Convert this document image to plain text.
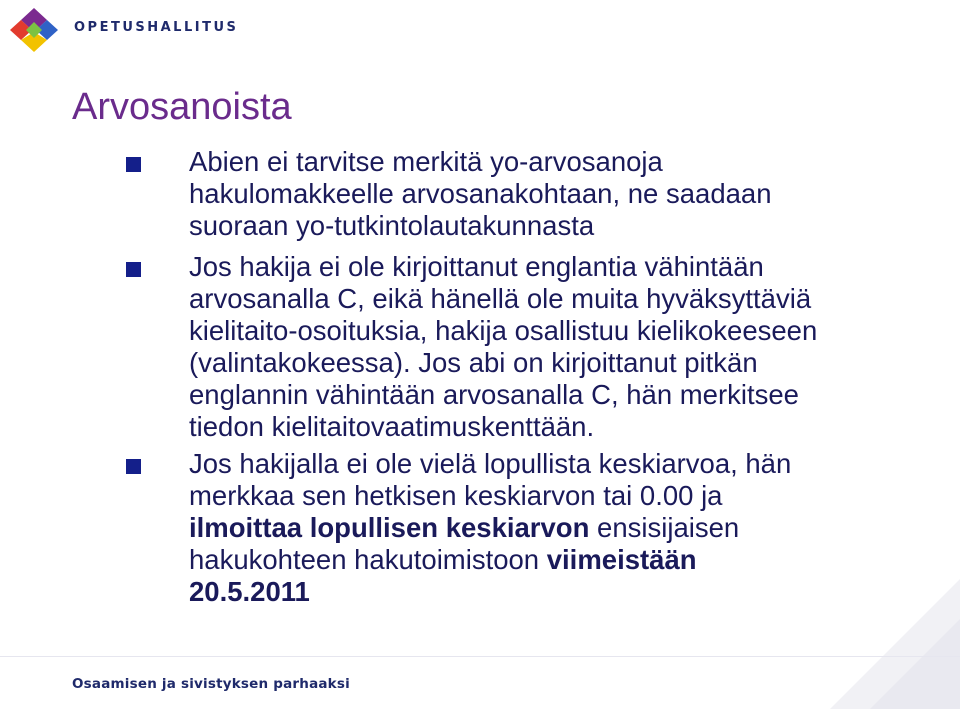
OPETUSHALLITUS
Arvosanoista
Abien ei tarvitse merkitä yo-arvosanoja
hakulomakkeelle arvosanakohtaan, ne saadaan
suoraan yo-tutkintolautakunnasta
Jos hakija ei ole kirjoittanut englantia vähintään
arvosanalla C, eikä hänellä ole muita hyväksyttäviä
kielitaito-osoituksia, hakija osallistuu kielikokeeseen
(valintakokeessa). Jos abi on kirjoittanut pitkän
englannin vähintään arvosanalla C, hän merkitsee
tiedon kielitaitovaatimuskenttään.
Jos hakijalla ei ole vielä lopullista keskiarvoa, hän
merkkaa sen hetkisen keskiarvon tai 0.00 ja
ilmoittaa lopullisen keskiarvon ensisijaisen
hakukohteen hakutoimistoon viimeistään
20.5.2011
Osaamisen ja sivistyksen parhaaksi
